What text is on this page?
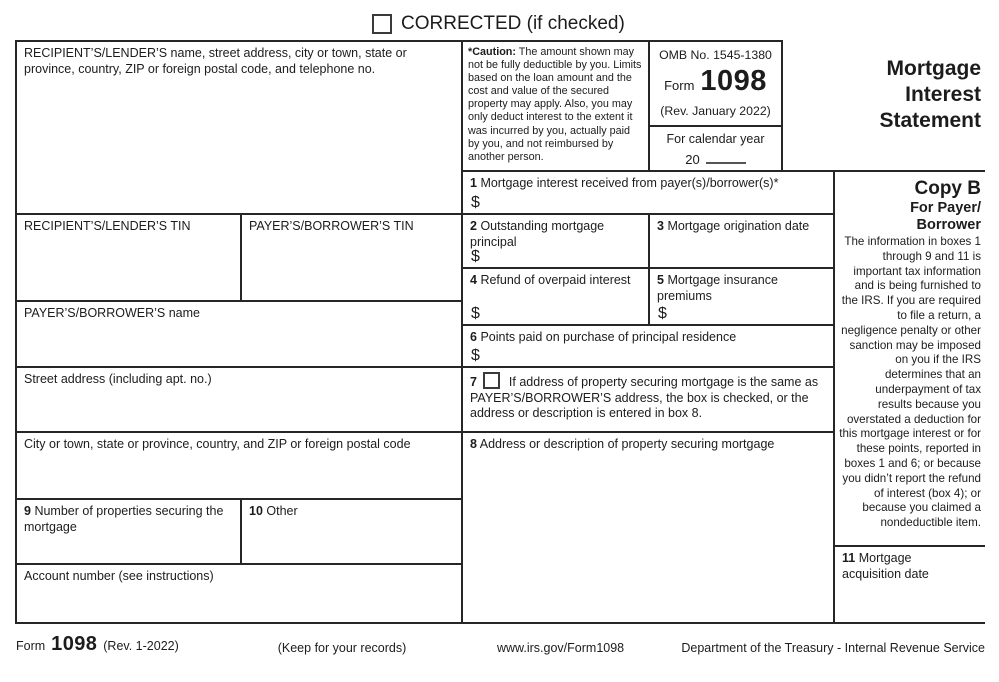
CORRECTED (if checked)
Mortgage Interest Statement
RECIPIENT’S/LENDER’S name, street address, city or town, state or province, country, ZIP or foreign postal code, and telephone no.
*Caution: The amount shown may not be fully deductible by you. Limits based on the loan amount and the cost and value of the secured property may apply. Also, you may only deduct interest to the extent it was incurred by you, actually paid by you, and not reimbursed by another person.
OMB No. 1545-1380
Form 1098
(Rev. January 2022)
For calendar year
20
1 Mortgage interest received from payer(s)/borrower(s)*
$
RECIPIENT’S/LENDER’S TIN	PAYER’S/BORROWER’S TIN	2 Outstanding mortgage principal
$
3 Mortgage origination date
4 Refund of overpaid interest
$
5 Mortgage insurance premiums
$
PAYER’S/BORROWER’S name
6 Points paid on purchase of principal residence
$
Street address (including apt. no.)	7	If address of property securing mortgage is the same as PAYER’S/BORROWER’S address, the box is checked, or the address or description is entered in box 8.
City or town, state or province, country, and ZIP or foreign postal code	8 Address or description of property securing mortgage
9 Number of properties securing the mortgage
10 Other
Account number (see instructions)
Copy B
For Payer/
Borrower
The information in boxes 1 through 9 and 11 is important tax information and is being furnished to the IRS. If you are required to file a return, a negligence penalty or other sanction may be imposed on you if the IRS determines that an underpayment of tax results because you overstated a deduction for this mortgage interest or for these points, reported in boxes 1 and 6; or because you didn’t report the refund of interest (box 4); or because you claimed a nondeductible item.
11 Mortgage acquisition date
Form 1098 (Rev. 1-2022)	(Keep for your records)	www.irs.gov/Form1098	Department of the Treasury - Internal Revenue Service
